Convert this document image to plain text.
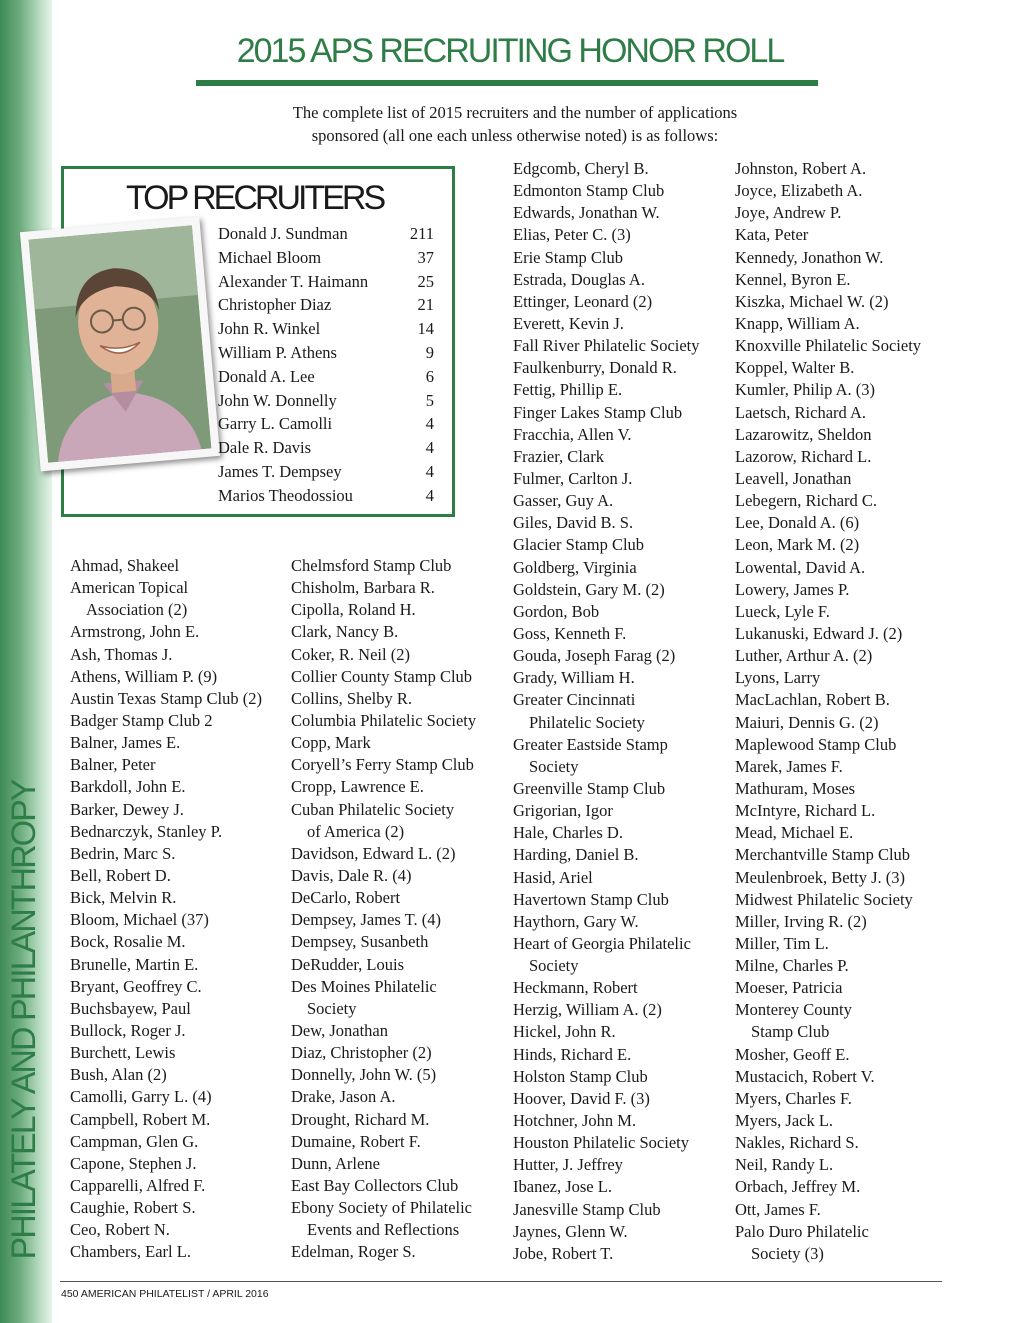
PHILATELY AND PHILANTHROPY
2015 APS RECRUITING HONOR ROLL
The complete list of 2015 recruiters and the number of applications
sponsored (all one each unless otherwise noted) is as follows:
TOP RECRUITERS
Donald J. Sundman	211
Michael Bloom	37
Alexander T. Haimann	25
Christopher Diaz	21
John R. Winkel	14
William P. Athens	9
Donald A. Lee	6
John W. Donnelly	5
Garry L. Camolli	4
Dale R. Davis	4
James T. Dempsey	4
Marios Theodossiou	4
Ahmad, Shakeel
American Topical
Association (2)
Armstrong, John E.
Ash, Thomas J.
Athens, William P. (9)
Austin Texas Stamp Club (2)
Badger Stamp Club 2
Balner, James E.
Balner, Peter
Barkdoll, John E.
Barker, Dewey J.
Bednarczyk, Stanley P.
Bedrin, Marc S.
Bell, Robert D.
Bick, Melvin R.
Bloom, Michael (37)
Bock, Rosalie M.
Brunelle, Martin E.
Bryant, Geoffrey C.
Buchsbayew, Paul
Bullock, Roger J.
Burchett, Lewis
Bush, Alan (2)
Camolli, Garry L. (4)
Campbell, Robert M.
Campman, Glen G.
Capone, Stephen J.
Capparelli, Alfred F.
Caughie, Robert S.
Ceo, Robert N.
Chambers, Earl L.
Chelmsford Stamp Club
Chisholm, Barbara R.
Cipolla, Roland H.
Clark, Nancy B.
Coker, R. Neil (2)
Collier County Stamp Club
Collins, Shelby R.
Columbia Philatelic Society
Copp, Mark
Coryell’s Ferry Stamp Club
Cropp, Lawrence E.
Cuban Philatelic Society
of America (2)
Davidson, Edward L. (2)
Davis, Dale R. (4)
DeCarlo, Robert
Dempsey, James T. (4)
Dempsey, Susanbeth
DeRudder, Louis
Des Moines Philatelic
Society
Dew, Jonathan
Diaz, Christopher (2)
Donnelly, John W. (5)
Drake, Jason A.
Drought, Richard M.
Dumaine, Robert F.
Dunn, Arlene
East Bay Collectors Club
Ebony Society of Philatelic
Events and Reflections
Edelman, Roger S.
Edgcomb, Cheryl B.
Edmonton Stamp Club
Edwards, Jonathan W.
Elias, Peter C. (3)
Erie Stamp Club
Estrada, Douglas A.
Ettinger, Leonard (2)
Everett, Kevin J.
Fall River Philatelic Society
Faulkenburry, Donald R.
Fettig, Phillip E.
Finger Lakes Stamp Club
Fracchia, Allen V.
Frazier, Clark
Fulmer, Carlton J.
Gasser, Guy A.
Giles, David B. S.
Glacier Stamp Club
Goldberg, Virginia
Goldstein, Gary M. (2)
Gordon, Bob
Goss, Kenneth F.
Gouda, Joseph Farag (2)
Grady, William H.
Greater Cincinnati
Philatelic Society
Greater Eastside Stamp
Society
Greenville Stamp Club
Grigorian, Igor
Hale, Charles D.
Harding, Daniel B.
Hasid, Ariel
Havertown Stamp Club
Haythorn, Gary W.
Heart of Georgia Philatelic
Society
Heckmann, Robert
Herzig, William A. (2)
Hickel, John R.
Hinds, Richard E.
Holston Stamp Club
Hoover, David F. (3)
Hotchner, John M.
Houston Philatelic Society
Hutter, J. Jeffrey
Ibanez, Jose L.
Janesville Stamp Club
Jaynes, Glenn W.
Jobe, Robert T.
Johnston, Robert A.
Joyce, Elizabeth A.
Joye, Andrew P.
Kata, Peter
Kennedy, Jonathon W.
Kennel, Byron E.
Kiszka, Michael W. (2)
Knapp, William A.
Knoxville Philatelic Society
Koppel, Walter B.
Kumler, Philip A. (3)
Laetsch, Richard A.
Lazarowitz, Sheldon
Lazorow, Richard L.
Leavell, Jonathan
Lebegern, Richard C.
Lee, Donald A. (6)
Leon, Mark M. (2)
Lowental, David A.
Lowery, James P.
Lueck, Lyle F.
Lukanuski, Edward J. (2)
Luther, Arthur A. (2)
Lyons, Larry
MacLachlan, Robert B.
Maiuri, Dennis G. (2)
Maplewood Stamp Club
Marek, James F.
Mathuram, Moses
McIntyre, Richard L.
Mead, Michael E.
Merchantville Stamp Club
Meulenbroek, Betty J. (3)
Midwest Philatelic Society
Miller, Irving R. (2)
Miller, Tim L.
Milne, Charles P.
Moeser, Patricia
Monterey County
Stamp Club
Mosher, Geoff E.
Mustacich, Robert V.
Myers, Charles F.
Myers, Jack L.
Nakles, Richard S.
Neil, Randy L.
Orbach, Jeffrey M.
Ott, James F.
Palo Duro Philatelic
Society (3)
450 AMERICAN PHILATELIST / APRIL 2016
